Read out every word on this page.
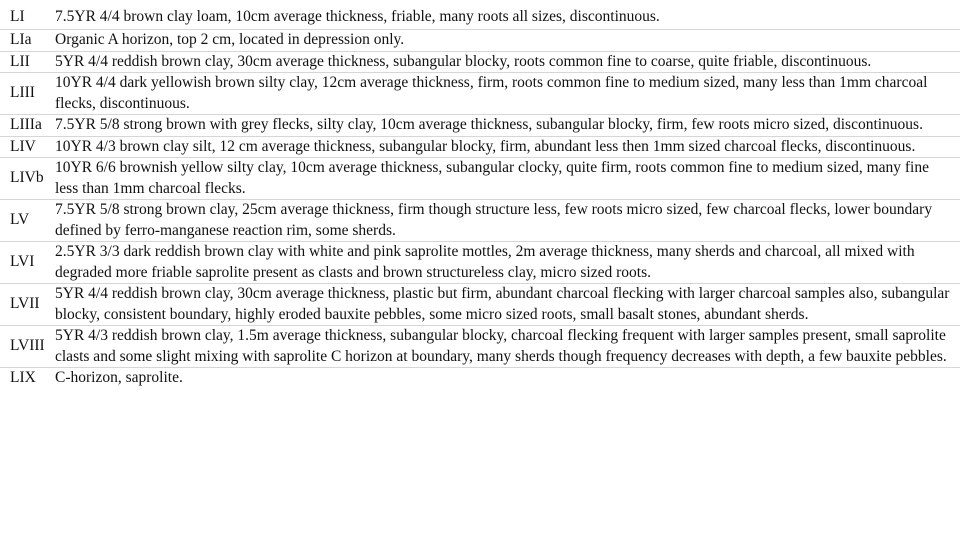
LI	7.5YR 4/4 brown clay loam, 10cm average thickness, friable, many roots all sizes, discontinuous.
LIa	Organic A horizon, top 2 cm, located in depression only.
LII	5YR 4/4 reddish brown clay, 30cm average thickness, subangular blocky, roots common fine to coarse, quite friable, discontinuous.
LIII	10YR 4/4 dark yellowish brown silty clay, 12cm average thickness, firm, roots common fine to medium sized, many less than 1mm charcoal flecks, discontinuous.
LIIIa	7.5YR 5/8 strong brown with grey flecks, silty clay, 10cm average thickness, subangular blocky, firm, few roots micro sized, discontinuous.
LIV	10YR 4/3 brown clay silt, 12 cm average thickness, subangular blocky, firm, abundant less then 1mm sized charcoal flecks, discontinuous.
LIVb	10YR 6/6 brownish yellow silty clay, 10cm average thickness, subangular clocky, quite firm, roots common fine to medium sized, many fine less than 1mm charcoal flecks.
LV	7.5YR 5/8 strong brown clay, 25cm average thickness, firm though structure less, few roots micro sized, few charcoal flecks, lower boundary defined by ferro-manganese reaction rim, some sherds.
LVI	2.5YR 3/3 dark reddish brown clay with white and pink saprolite mottles, 2m average thickness, many sherds and charcoal, all mixed with degraded more friable saprolite present as clasts and brown structureless clay, micro sized roots.
LVII	5YR 4/4 reddish brown clay, 30cm average thickness, plastic but firm, abundant charcoal flecking with larger charcoal samples also, subangular blocky, consistent boundary, highly eroded bauxite pebbles, some micro sized roots, small basalt stones, abundant sherds.
LVIII	5YR 4/3 reddish brown clay, 1.5m average thickness, subangular blocky, charcoal flecking frequent with larger samples present, small saprolite clasts and some slight mixing with saprolite C horizon at boundary, many sherds though frequency decreases with depth, a few bauxite pebbles.
LIX	C-horizon, saprolite.
